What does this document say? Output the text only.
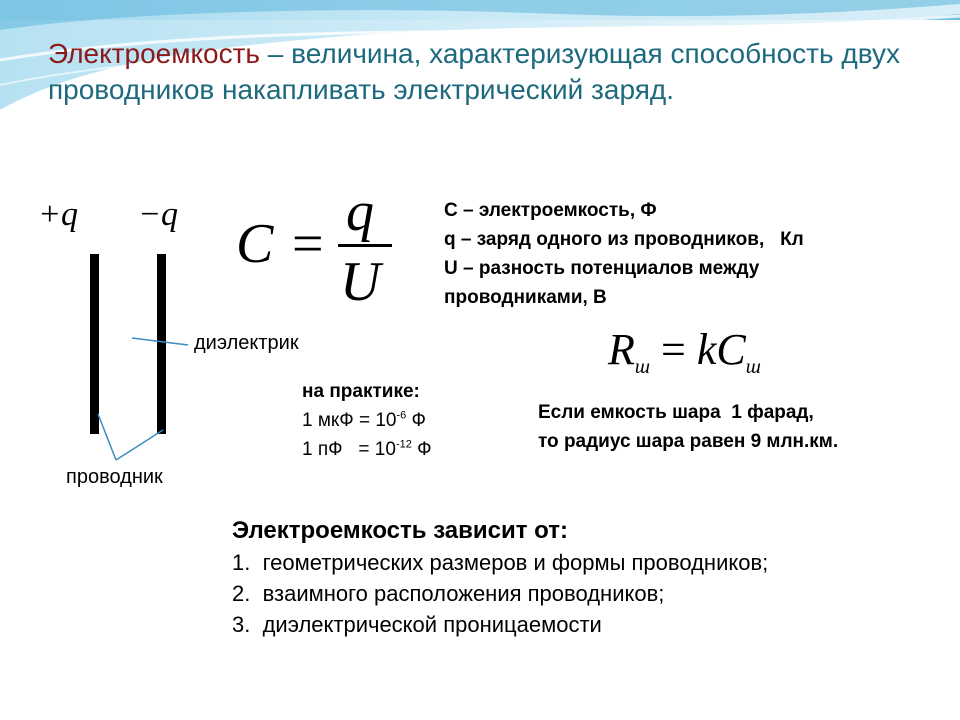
Электроемкость – величина, характеризующая способность двух проводников накапливать электрический заряд.
+q −q
диэлектрик
проводник
C =
q
U
C – электроемкость, Ф
q – заряд одного из проводников,   Кл
U – разность потенциалов между
проводниками, В
$R_ш = kC_ш$
на практике:
1 мкФ = $10^{-6}$ Ф
1 пФ   = $10^{-12}$ Ф
Если емкость шара  1 фарад,
то радиус шара равен 9 млн.км.
Электроемкость зависит от:
1.  геометрических размеров и формы проводников;
2.  взаимного расположения проводников;
3.  диэлектрической проницаемости
